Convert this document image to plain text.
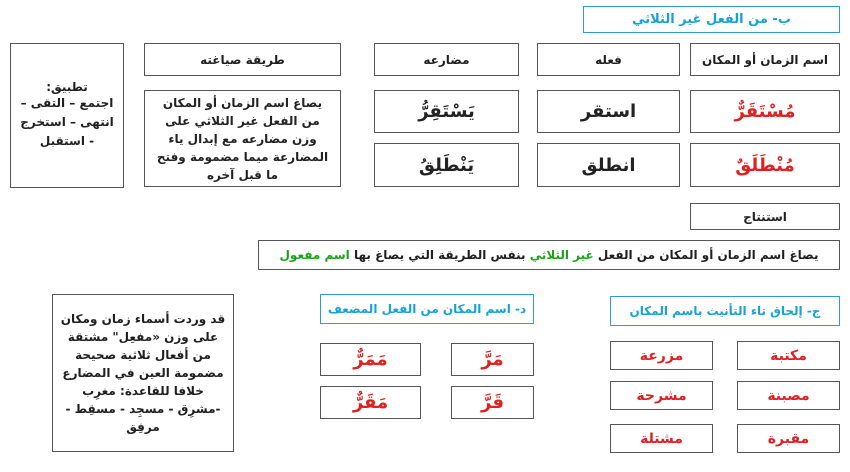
ب- من الفعل غير الثلاثي
اسم الزمان أو المكان
فعله
مضارعه
طريقة صياغته
تطبيق:
اجتمع – التقى – انتهى – استخرج - استقبل
مُسْتَقَرٌّ
استقر
يَسْتَقِرُّ
مُنْطَلَقٌ
انطلق
يَنْطَلِقُ
يصاغ اسم الزمان أو المكان من الفعل غير الثلاثي على وزن مضارعه مع إبدال ياء المضارعة ميما مضمومة وفتح ما قبل آخره
استنتاج
يصاغ اسم الزمان أو المكان من الفعل غير الثلاثي بنفس الطريقة التي يصاغ بها اسم مفعول
ج- إلحاق تاء التأنيث باسم المكان
مكتبة
مزرعة
مصبنة
مشرحة
مقبرة
مشتلة
د- اسم المكان من الفعل المضعف
مَرَّ
مَمَرٌّ
قَرَّ
مَقَرٌّ
قد وردت أسماء زمان ومكان على وزن «مفعِل" مشتقة من أفعال ثلاثية صحيحة مضمومة العين في المضارع خلافا للقاعدة: مغرِب -مشرِق - مسجِد - مسقِط - مرفِق
